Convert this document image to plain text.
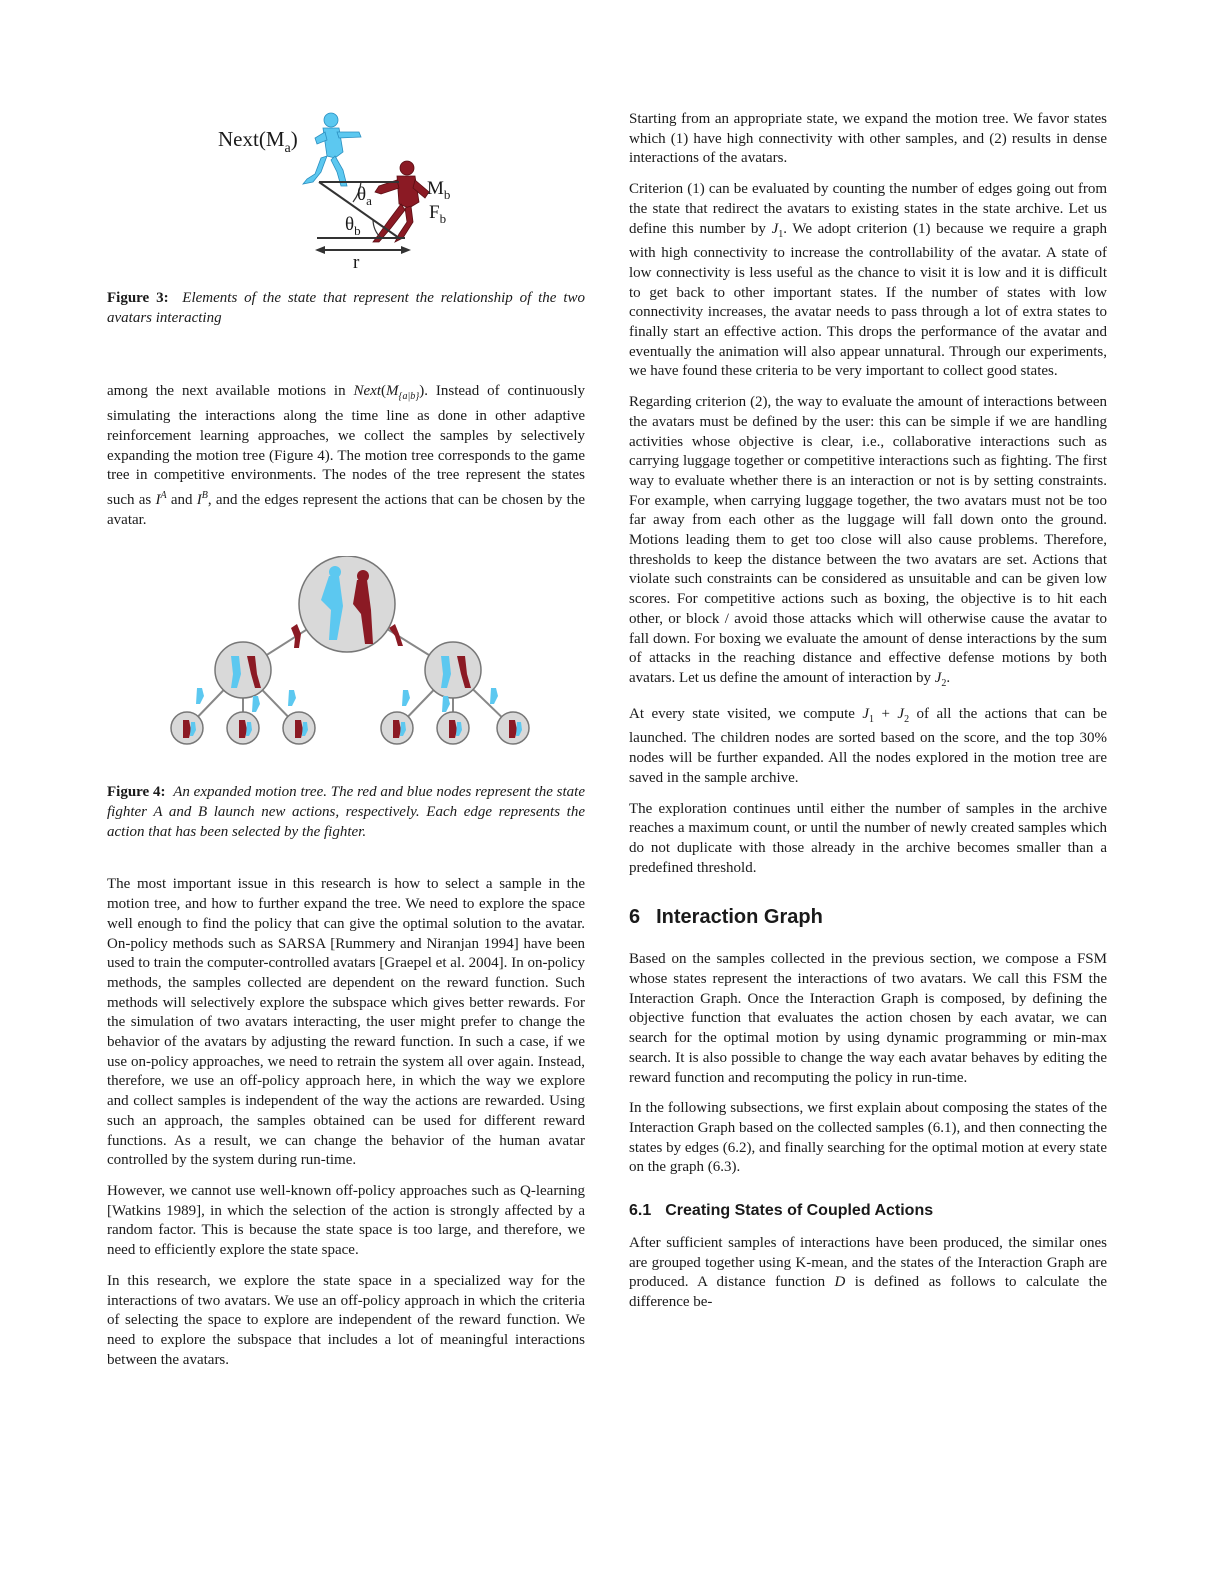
$Next(M_a)$
$\theta_a$
$\theta_b$
$M_b$
$F_b$
r
Figure 3: Elements of the state that represent the relationship of the two avatars interacting

among the next available motions in $Next(M_{\{a|b\}})$. Instead of continuously simulating the interactions along the time line as done in other adaptive reinforcement learning approaches, we collect the samples by selectively expanding the motion tree (Figure 4). The motion tree corresponds to the game tree in competitive environments. The nodes of the tree represent the states such as $I^A$ and $I^B$, and the edges represent the actions that can be chosen by the avatar.

Figure 4: An expanded motion tree. The red and blue nodes represent the state fighter A and B launch new actions, respectively. Each edge represents the action that has been selected by the fighter.

The most important issue in this research is how to select a sample in the motion tree, and how to further expand the tree. We need to explore the space well enough to find the policy that can give the optimal solution to the avatar. On-policy methods such as SARSA [Rummery and Niranjan 1994] have been used to train the computer-controlled avatars [Graepel et al. 2004]. In on-policy methods, the samples collected are dependent on the reward function. Such methods will selectively explore the subspace which gives better rewards. For the simulation of two avatars interacting, the user might prefer to change the behavior of the avatars by adjusting the reward function. In such a case, if we use on-policy approaches, we need to retrain the system all over again. Instead, therefore, we use an off-policy approach here, in which the way we explore and collect samples is independent of the way the actions are rewarded. Using such an approach, the samples obtained can be used for different reward functions. As a result, we can change the behavior of the human avatar controlled by the system during run-time.

However, we cannot use well-known off-policy approaches such as Q-learning [Watkins 1989], in which the selection of the action is strongly affected by a random factor. This is because the state space is too large, and therefore, we need to efficiently explore the state space.

In this research, we explore the state space in a specialized way for the interactions of two avatars. We use an off-policy approach in which the criteria of selecting the space to explore are independent of the reward function. We need to explore the subspace that includes a lot of meaningful interactions between the avatars.

Starting from an appropriate state, we expand the motion tree. We favor states which (1) have high connectivity with other samples, and (2) results in dense interactions of the avatars.

Criterion (1) can be evaluated by counting the number of edges going out from the state that redirect the avatars to existing states in the state archive. Let us define this number by $J_1$. We adopt criterion (1) because we require a graph with high connectivity to increase the controllability of the avatar. A state of low connectivity is less useful as the chance to visit it is low and it is difficult to get back to other important states. If the number of states with low connectivity increases, the avatar needs to pass through a lot of extra states to finally start an effective action. This drops the performance of the avatar and eventually the animation will also appear unnatural. Through our experiments, we have found these criteria to be very important to collect good states.

Regarding criterion (2), the way to evaluate the amount of interactions between the avatars must be defined by the user: this can be simple if we are handling activities whose objective is clear, i.e., collaborative interactions such as carrying luggage together or competitive interactions such as fighting. The first way to evaluate whether there is an interaction or not is by setting constraints. For example, when carrying luggage together, the two avatars must not be too far away from each other as the luggage will fall down onto the ground. Motions leading them to get too close will also cause problems. Therefore, thresholds to keep the distance between the two avatars are set. Actions that violate such constraints can be considered as unsuitable and can be given low scores. For competitive actions such as boxing, the objective is to hit each other, or block / avoid those attacks which will otherwise cause the avatar to fall down. For boxing we evaluate the amount of dense interactions by the sum of attacks in the reaching distance and effective defense motions by both avatars. Let us define the amount of interaction by $J_2$.

At every state visited, we compute $J_1 + J_2$ of all the actions that can be launched. The children nodes are sorted based on the score, and the top 30% nodes will be further expanded. All the nodes explored in the motion tree are saved in the sample archive.

The exploration continues until either the number of samples in the archive reaches a maximum count, or until the number of newly created samples which do not duplicate with those already in the archive becomes smaller than a predefined threshold.

6 Interaction Graph

Based on the samples collected in the previous section, we compose a FSM whose states represent the interactions of two avatars. We call this FSM the Interaction Graph. Once the Interaction Graph is composed, by defining the objective function that evaluates the action chosen by each avatar, we can search for the optimal motion by using dynamic programming or min-max search. It is also possible to change the way each avatar behaves by editing the reward function and recomputing the policy in run-time.

In the following subsections, we first explain about composing the states of the Interaction Graph based on the collected samples (6.1), and then connecting the states by edges (6.2), and finally searching for the optimal motion at every state on the graph (6.3).

6.1 Creating States of Coupled Actions

After sufficient samples of interactions have been produced, the similar ones are grouped together using K-mean, and the states of the Interaction Graph are produced. A distance function D is defined as follows to calculate the difference be-
